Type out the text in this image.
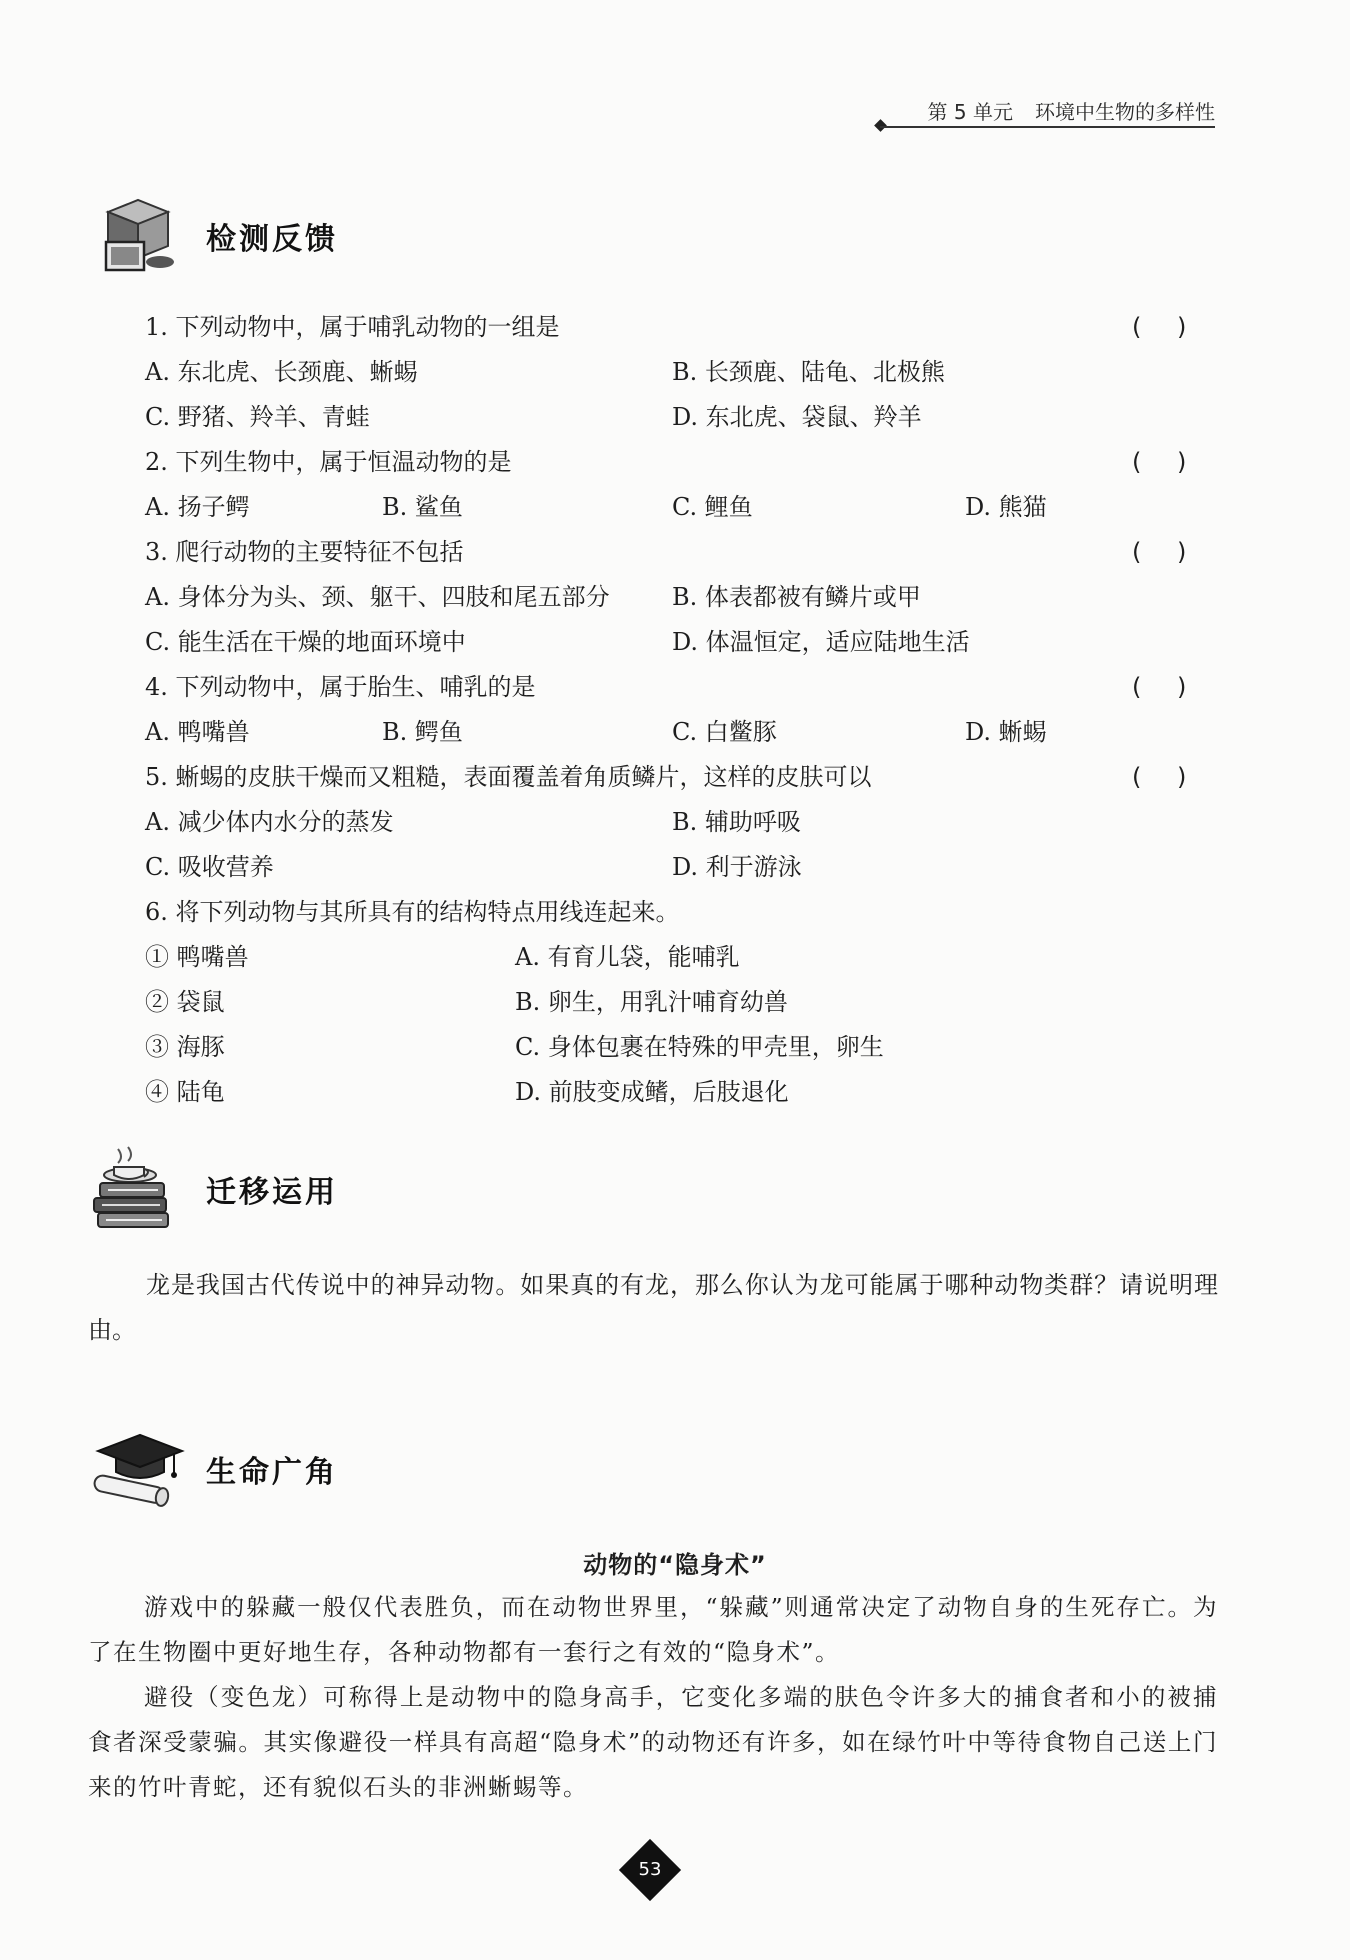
第 5 单元 环境中生物的多样性
检测反馈
1. 下列动物中，属于哺乳动物的一组是	( )
A. 东北虎、长颈鹿、蜥蜴	B. 长颈鹿、陆龟、北极熊
C. 野猪、羚羊、青蛙	D. 东北虎、袋鼠、羚羊
2. 下列生物中，属于恒温动物的是	( )
A. 扬子鳄	B. 鲨鱼	C. 鲤鱼	D. 熊猫
3. 爬行动物的主要特征不包括	( )
A. 身体分为头、颈、躯干、四肢和尾五部分	B. 体表都被有鳞片或甲
C. 能生活在干燥的地面环境中	D. 体温恒定，适应陆地生活
4. 下列动物中，属于胎生、哺乳的是	( )
A. 鸭嘴兽	B. 鳄鱼	C. 白鳖豚	D. 蜥蜴
5. 蜥蜴的皮肤干燥而又粗糙，表面覆盖着角质鳞片，这样的皮肤可以	( )
A. 减少体内水分的蒸发	B. 辅助呼吸
C. 吸收营养	D. 利于游泳
6. 将下列动物与其所具有的结构特点用线连起来。
① 鸭嘴兽	A. 有育儿袋，能哺乳
② 袋鼠	B. 卵生，用乳汁哺育幼兽
③ 海豚	C. 身体包裹在特殊的甲壳里，卵生
④ 陆龟	D. 前肢变成鳍，后肢退化
迁移运用
龙是我国古代传说中的神异动物。如果真的有龙，那么你认为龙可能属于哪种动物类群？请说明理由。
生命广角
动物的“隐身术”
游戏中的躲藏一般仅代表胜负，而在动物世界里，“躲藏”则通常决定了动物自身的生死存亡。为了在生物圈中更好地生存，各种动物都有一套行之有效的“隐身术”。
避役（变色龙）可称得上是动物中的隐身高手，它变化多端的肤色令许多大的捕食者和小的被捕食者深受蒙骗。其实像避役一样具有高超“隐身术”的动物还有许多，如在绿竹叶中等待食物自己送上门来的竹叶青蛇，还有貌似石头的非洲蜥蜴等。
53
